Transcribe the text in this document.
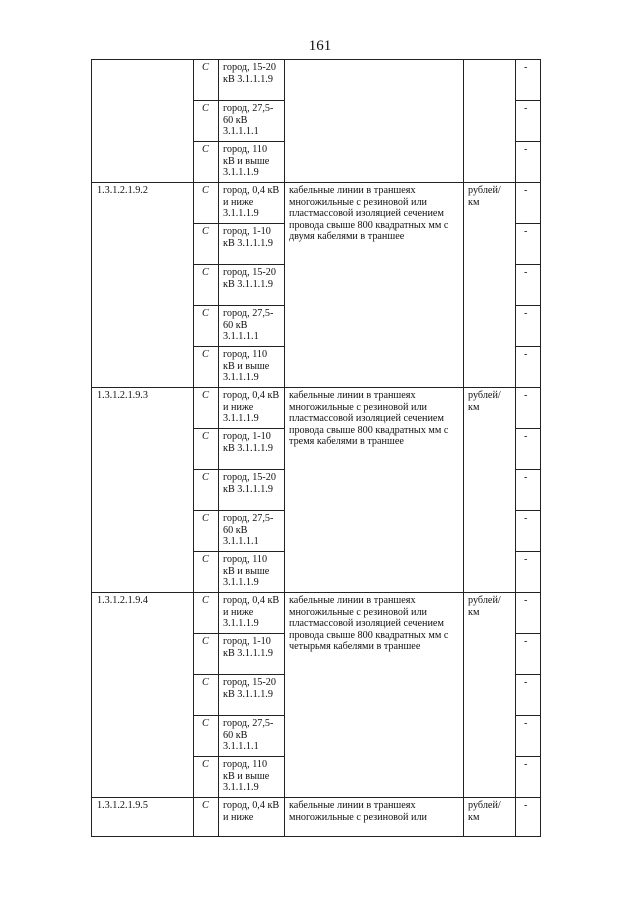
161
	С	город, 15-20 кВ 3.1.1.1.9			-
	С	город, 27,5-60 кВ 3.1.1.1.1			-
	С	город, 110 кВ и выше 3.1.1.1.9			-
1.3.1.2.1.9.2	С	город, 0,4 кВ и ниже 3.1.1.1.9	кабельные линии в траншеях многожильные с резиновой или пластмассовой изоляцией сечением провода свыше 800 квадратных мм с двумя кабелями в траншее	рублей/ км	-
	С	город, 1-10 кВ 3.1.1.1.9			-
	С	город, 15-20 кВ 3.1.1.1.9			-
	С	город, 27,5-60 кВ 3.1.1.1.1			-
	С	город, 110 кВ и выше 3.1.1.1.9			-
1.3.1.2.1.9.3	С	город, 0,4 кВ и ниже 3.1.1.1.9	кабельные линии в траншеях многожильные с резиновой или пластмассовой изоляцией сечением провода свыше 800 квадратных мм с тремя кабелями в траншее	рублей/ км	-
	С	город, 1-10 кВ 3.1.1.1.9			-
	С	город, 15-20 кВ 3.1.1.1.9			-
	С	город, 27,5-60 кВ 3.1.1.1.1			-
	С	город, 110 кВ и выше 3.1.1.1.9			-
1.3.1.2.1.9.4	С	город, 0,4 кВ и ниже 3.1.1.1.9	кабельные линии в траншеях многожильные с резиновой или пластмассовой изоляцией сечением провода свыше 800 квадратных мм с четырьмя кабелями в траншее	рублей/ км	-
	С	город, 1-10 кВ 3.1.1.1.9			-
	С	город, 15-20 кВ 3.1.1.1.9			-
	С	город, 27,5-60 кВ 3.1.1.1.1			-
	С	город, 110 кВ и выше 3.1.1.1.9			-
1.3.1.2.1.9.5	С	город, 0,4 кВ и ниже	кабельные линии в траншеях многожильные с резиновой или	рублей/ км	-
